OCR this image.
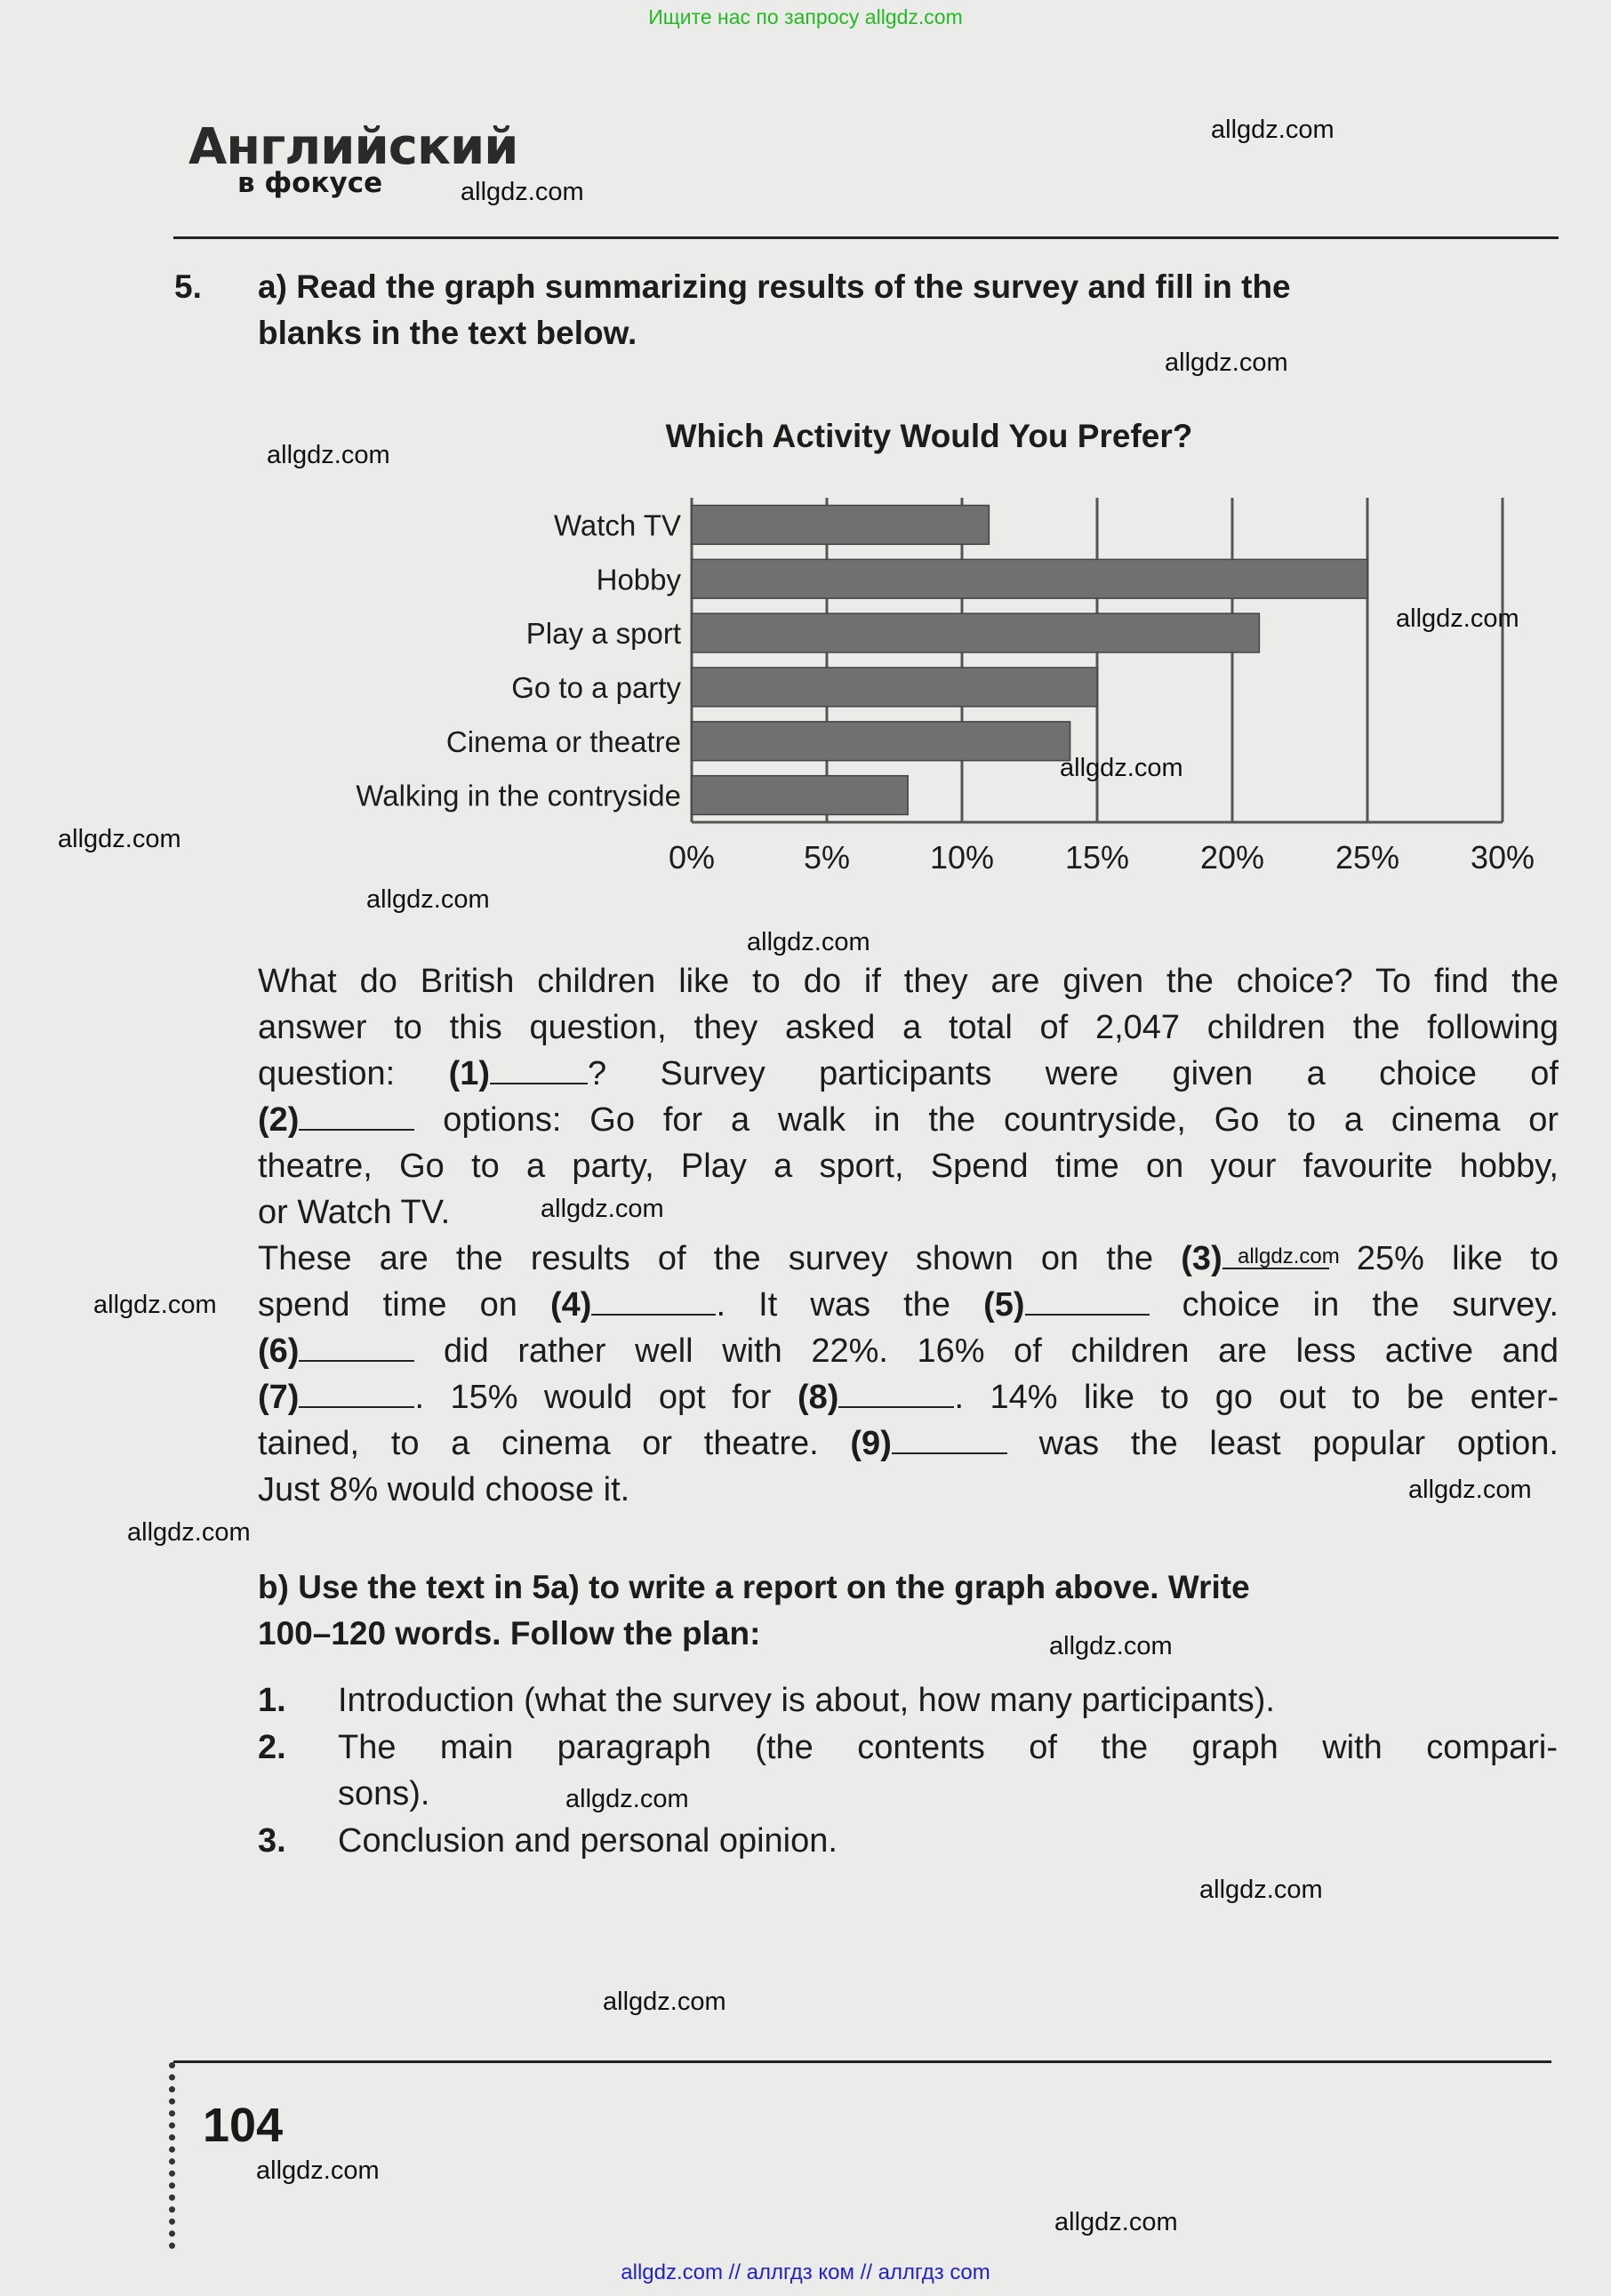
Ищите нас по запросу allgdz.com
Английский
в фокусе
5. a) Read the graph summarizing results of the survey and fill in the
blanks in the text below.
Which Activity Would You Prefer?
Watch TV
Hobby
Play a sport
Go to a party
Cinema or theatre
Walking in the contryside
0%	5% 10% 15% 20% 25% 30%
What do British children like to do if they are given the choice? To find the
answer to this question, they asked a total of 2,047 children the following
question: (1)	? Survey participants were given a choice of
(2)	options: Go for a walk in the countryside, Go to a cinema or
theatre, Go to a party, Play a sport, Spend time on your favourite hobby,
or Watch TV.
These are the results of the survey shown on the (3)	25% like to
spend time on (4)	. It was the (5)	choice in the survey.
(6)	did rather well with 22%. 16% of children are less active and
(7)	. 15% would opt for (8)	. 14% like to go out to be enter-
tained, to a cinema or theatre. (9)	was the least popular option.
Just 8% would choose it.
b) Use the text in 5a) to write a report on the graph above. Write
100–120 words. Follow the plan:
1. Introduction (what the survey is about, how many participants).
2. The main paragraph (the contents of the graph with compari-
sons).
3. Conclusion and personal opinion.
104
allgdz.com
allgdz.com
allgdz.com
allgdz.com
allgdz.com
allgdz.com
allgdz.com
allgdz.com
allgdz.com
allgdz.com
allgdz.com
allgdz.com
allgdz.com
allgdz.com
allgdz.com
allgdz.com
allgdz.com
allgdz.com
allgdz.com
allgdz.com
allgdz.com // аллгдз ком // аллгдз com
